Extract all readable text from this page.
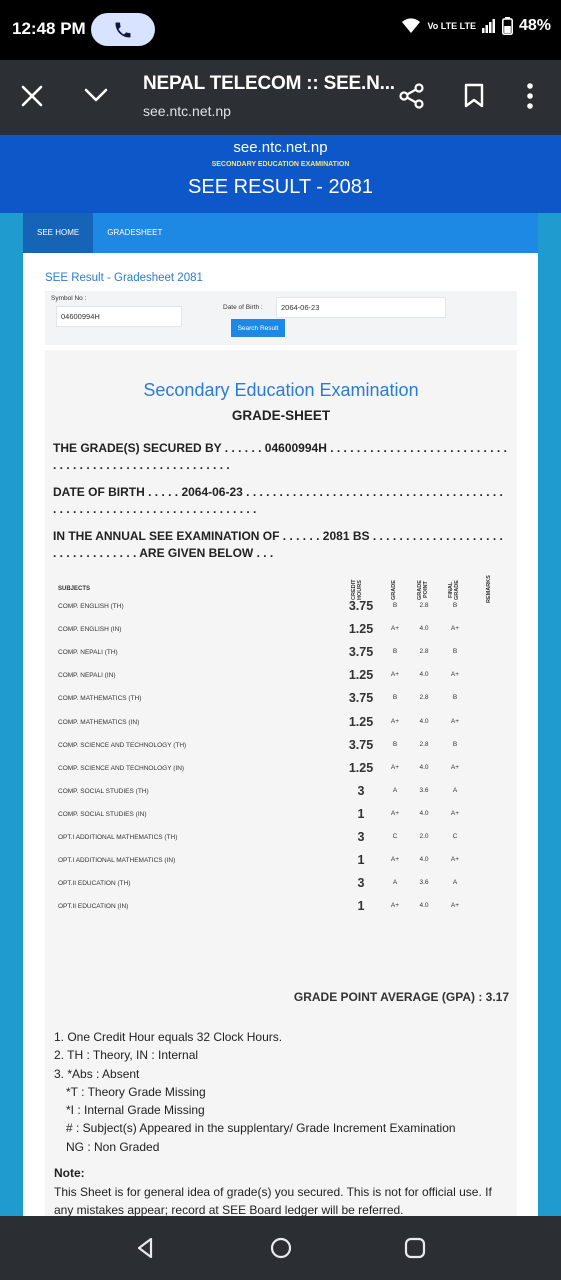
12:48 PM	Vo LTE LTE	48%
NEPAL TELECOM :: SEE.N...
see.ntc.net.np
see.ntc.net.np
SECONDARY EDUCATION EXAMINATION
SEE RESULT - 2081
SEE HOME	GRADESHEET
SEE Result - Gradesheet 2081
Symbol No :
04600994H
Date of Birth :	2064-06-23
Search Result
Secondary Education Examination
GRADE-SHEET
THE GRADE(S) SECURED BY . . . . . . 04600994H . . . . . . . . . . . . . . . . . . . . . . . . . . . . . . . . . . . . . . . . . . . . . . . . . . . . . .
DATE OF BIRTH . . . . . 2064-06-23 . . . . . . . . . . . . . . . . . . . . . . . . . . . . . . . . . . . . . . . . . . . . . . . . . . . . . . . . . . . . . . . . . . . . . .
IN THE ANNUAL SEE EXAMINATION OF . . . . . . 2081 BS . . . . . . . . . . . . . . . . . . . . . . . . . . . . . . . . . ARE GIVEN BELOW . . .
SUBJECTS	CREDIT HOURS	GRADE	GRADE POINT	FINAL GRADE	REMARKS
COMP. ENGLISH (TH)	3.75	B	2.8	B
COMP. ENGLISH (IN)	1.25	A+	4.0	A+
COMP. NEPALI (TH)	3.75	B	2.8	B
COMP. NEPALI (IN)	1.25	A+	4.0	A+
COMP. MATHEMATICS (TH)	3.75	B	2.8	B
COMP. MATHEMATICS (IN)	1.25	A+	4.0	A+
COMP. SCIENCE AND TECHNOLOGY (TH)	3.75	B	2.8	B
COMP. SCIENCE AND TECHNOLOGY (IN)	1.25	A+	4.0	A+
COMP. SOCIAL STUDIES (TH)	3	A	3.6	A
COMP. SOCIAL STUDIES (IN)	1	A+	4.0	A+
OPT.I ADDITIONAL MATHEMATICS (TH)	3	C	2.0	C
OPT.I ADDITIONAL MATHEMATICS (IN)	1	A+	4.0	A+
OPT.II EDUCATION (TH)	3	A	3.6	A
OPT.II EDUCATION (IN)	1	A+	4.0	A+
GRADE POINT AVERAGE (GPA) : 3.17
1. One Credit Hour equals 32 Clock Hours.
2. TH : Theory, IN : Internal
3. *Abs : Absent
*T : Theory Grade Missing
*I : Internal Grade Missing
# : Subject(s) Appeared in the supplentary/ Grade Increment Examination
NG : Non Graded
Note:
This Sheet is for general idea of grade(s) you secured. This is not for official use. If any mistakes appear; record at SEE Board ledger will be referred.
